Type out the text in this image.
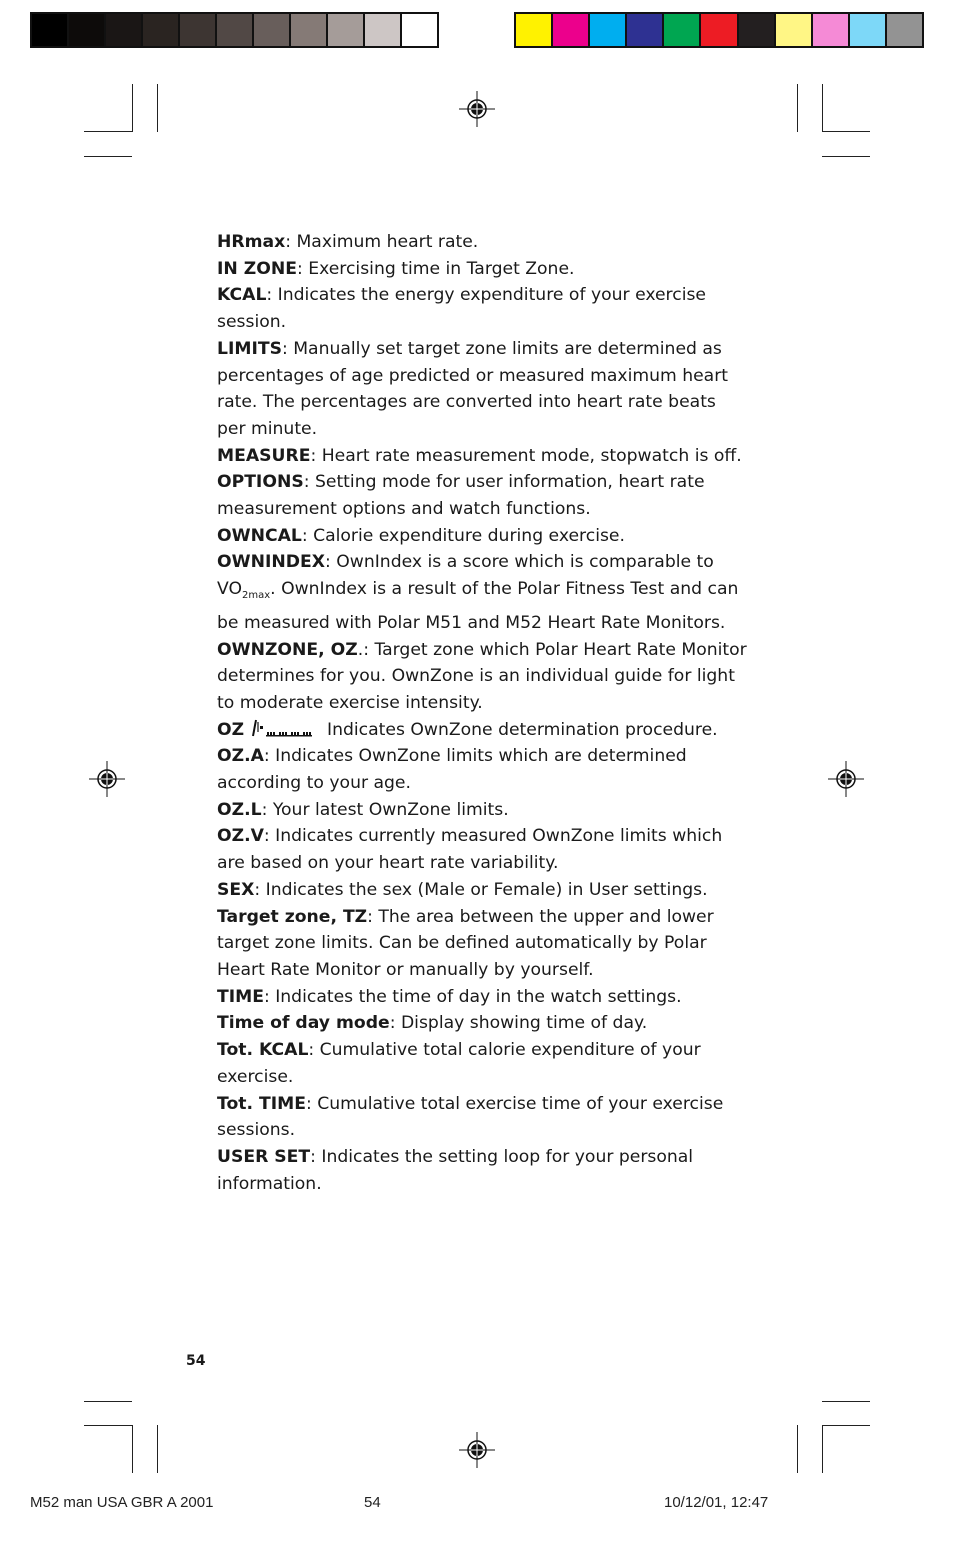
HRmax: Maximum heart rate.

IN ZONE: Exercising time in Target Zone.

KCAL: Indicates the energy expenditure of your exercise session.

LIMITS: Manually set target zone limits are determined as percentages of age predicted or measured maximum heart rate. The percentages are converted into heart rate beats per minute.

MEASURE: Heart rate measurement mode, stopwatch is off.

OPTIONS: Setting mode for user information, heart rate measurement options and watch functions.

OWNCAL: Calorie expenditure during exercise.

OWNINDEX: OwnIndex is a score which is comparable to $VO_{2max}$. OwnIndex is a result of the Polar Fitness Test and can be measured with Polar M51 and M52 Heart Rate Monitors.

OWNZONE, OZ.: Target zone which Polar Heart Rate Monitor determines for you. OwnZone is an individual guide for light to moderate exercise intensity.

OZ	Indicates OwnZone determination procedure.

OZ.A: Indicates OwnZone limits which are determined according to your age.

OZ.L: Your latest OwnZone limits.

OZ.V: Indicates currently measured OwnZone limits which are based on your heart rate variability.

SEX: Indicates the sex (Male or Female) in User settings.

Target zone, TZ: The area between the upper and lower target zone limits. Can be defined automatically by Polar Heart Rate Monitor or manually by yourself.

TIME: Indicates the time of day in the watch settings.

Time of day mode: Display showing time of day.

Tot. KCAL: Cumulative total calorie expenditure of your exercise.

Tot. TIME: Cumulative total exercise time of your exercise sessions.

USER SET: Indicates the setting loop for your personal information.

54
M52 man USA GBR A 2001	54	10/12/01, 12:47
